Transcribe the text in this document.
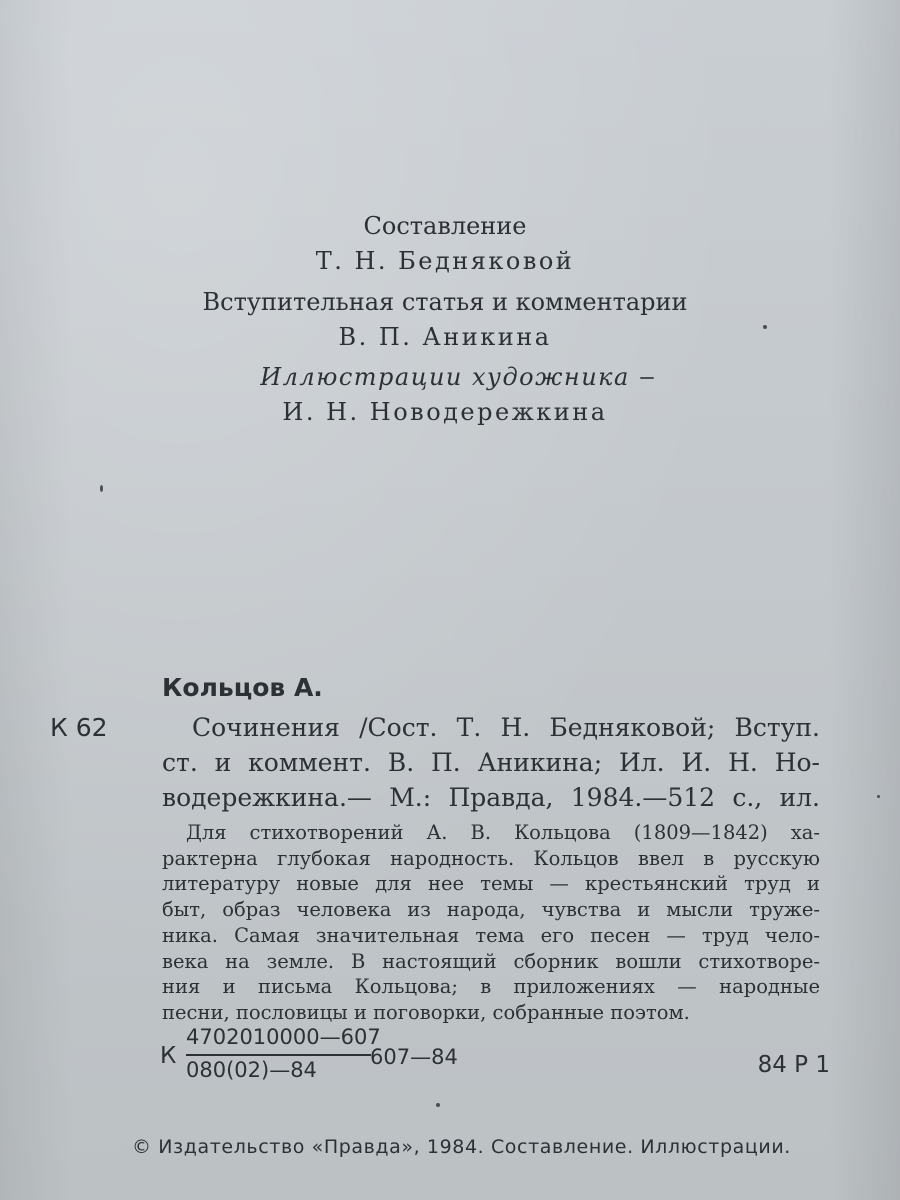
Составление
Т. Н. Бедняковой
Вступительная статья и комментарии
В. П. Аникина
Иллюстрации художника
И. Н. Новодережкина
Кольцов А.
К 62	Сочинения /Сост. Т. Н. Бедняковой; Вступ.
ст. и коммент. В. П. Аникина; Ил. И. Н. Но-
водережкина.— М.: Правда, 1984.—512 с., ил.
Для стихотворений А. В. Кольцова (1809—1842) ха-
рактерна глубокая народность. Кольцов ввел в русскую
литературу новые для нее темы — крестьянский труд и
быт, образ человека из народа, чувства и мысли труже-
ника. Самая значительная тема его песен — труд чело-
века на земле. В настоящий сборник вошли стихотворе-
ния и письма Кольцова; в приложениях — народные
песни, пословицы и поговорки, собранные поэтом.
К
4702010000—607
080(02)—84
607—84	84 Р 1
© Издательство «Правда», 1984. Составление. Иллюстрации.
